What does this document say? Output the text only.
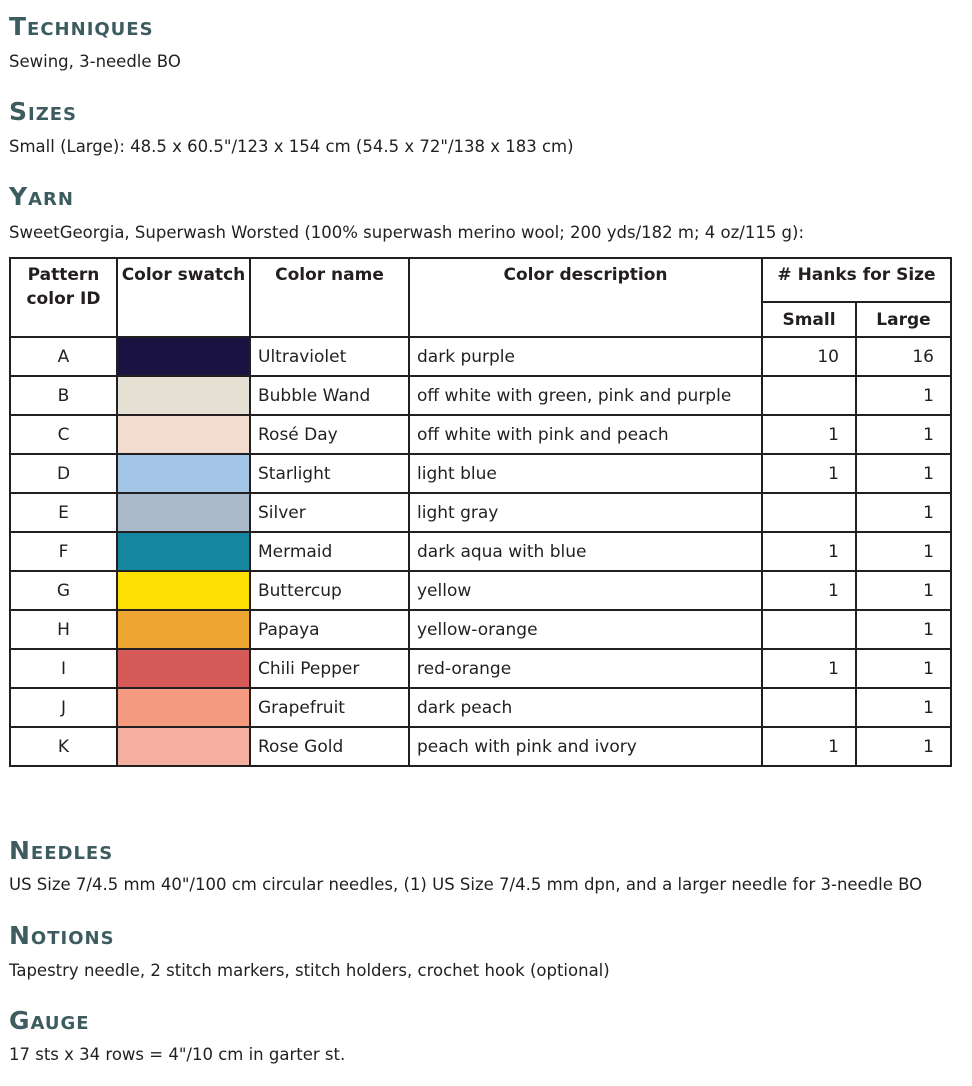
Techniques

Sewing, 3-needle BO

Sizes

Small (Large): 48.5 x 60.5"/123 x 154 cm (54.5 x 72"/138 x 183 cm)

Yarn

SweetGeorgia, Superwash Worsted (100% superwash merino wool; 200 yds/182 m; 4 oz/115 g):

Pattern color ID	Color swatch	Color name	Color description	# Hanks for Size	
				Small	Large
A		Ultraviolet	dark purple	10	16
B		Bubble Wand	off white with green, pink and purple		1
C		Rosé Day	off white with pink and peach	1	1
D		Starlight	light blue	1	1
E		Silver	light gray		1
F		Mermaid	dark aqua with blue	1	1
G		Buttercup	yellow	1	1
H		Papaya	yellow-orange		1
I		Chili Pepper	red-orange	1	1
J		Grapefruit	dark peach		1
K		Rose Gold	peach with pink and ivory	1	1
Needles

US Size 7/4.5 mm 40"/100 cm circular needles, (1) US Size 7/4.5 mm dpn, and a larger needle for 3-needle BO

Notions

Tapestry needle, 2 stitch markers, stitch holders, crochet hook (optional)

Gauge

17 sts x 34 rows = 4"/10 cm in garter st.
